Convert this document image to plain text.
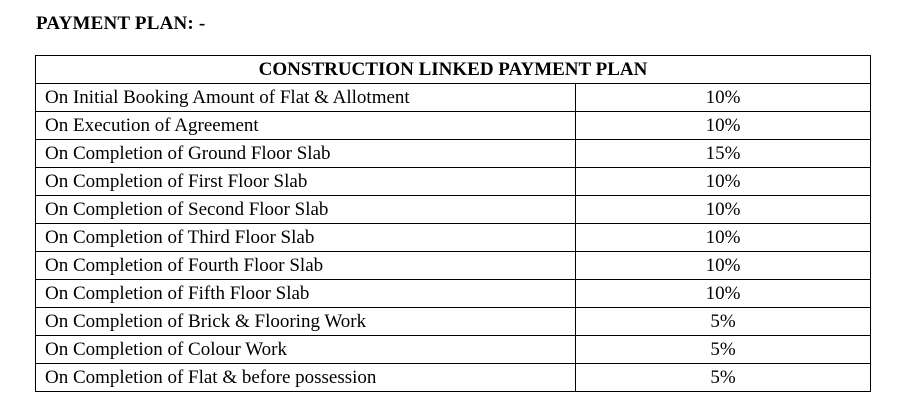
PAYMENT PLAN: -
CONSTRUCTION LINKED PAYMENT PLAN	
On Initial Booking Amount of Flat & Allotment	10%
On Execution of Agreement	10%
On Completion of Ground Floor Slab	15%
On Completion of First Floor Slab	10%
On Completion of Second Floor Slab	10%
On Completion of Third Floor Slab	10%
On Completion of Fourth Floor Slab	10%
On Completion of Fifth Floor Slab	10%
On Completion of Brick & Flooring Work	5%
On Completion of Colour Work	5%
On Completion of Flat & before possession	5%
